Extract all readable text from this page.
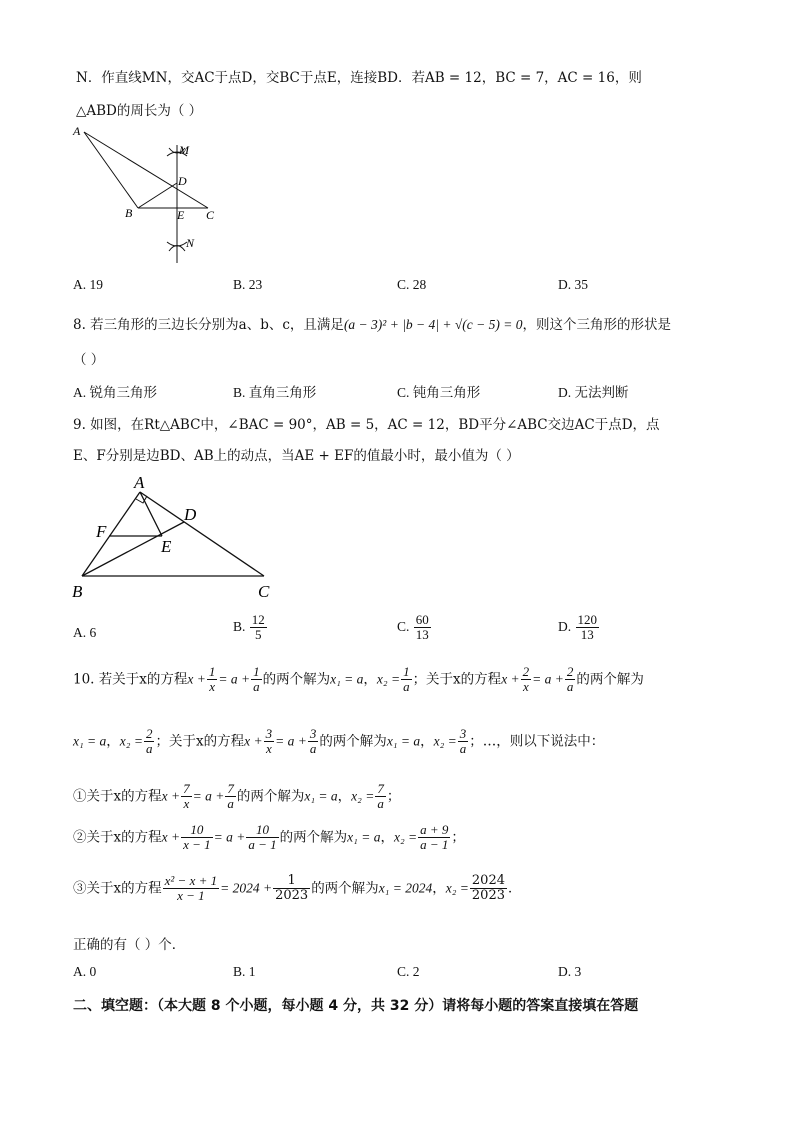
N．作直线MN，交AC于点D，交BC于点E，连接BD．若AB = 12，BC = 7，AC = 16，则
△ABD的周长为（ ）
A
B	C
D
E
M
N
A. 19	B. 23	C. 28	D. 35
8. 若三角形的三边长分别为a、b、c，且满足(a − 3)² + |b − 4| + √(c − 5) = 0，则这个三角形的形状是
（ ）
A. 锐角三角形	B. 直角三角形	C. 钝角三角形	D. 无法判断
9. 如图，在Rt△ABC中，∠BAC = 90°，AB = 5，AC = 12，BD平分∠ABC交边AC于点D，点
E、F分别是边BD、AB上的动点，当AE + EF的值最小时，最小值为（ ）
A
B	C
D
E
F
A. 6	B. $\frac{12}{5}$	C. $\frac{60}{13}$	D. $\frac{120}{13}$
10. 若关于x的方程$x + \frac{1}{x} = a + \frac{1}{a}$ 的两个解为x₁ = a，$x_2 = \frac{1}{a}$ ；关于x的方程$x + \frac{2}{x} = a + \frac{2}{a}$ 的两个解为
x₁ = a，$x_2 = \frac{2}{a}$ ；关于x的方程$x + \frac{3}{x} = a + \frac{3}{a}$ 的两个解为x₁ = a，$x_2 = \frac{3}{a}$ ；…，则以下说法中：
①关于x的方程$x + \frac{7}{x} = a + \frac{7}{a}$ 的两个解为x₁ = a，$x_2 = \frac{7}{a}$ ；
②关于x的方程$x + \frac{10}{x - 1} = a + \frac{10}{a - 1}$ 的两个解为x₁ = a，$x_2 = \frac{a + 9}{a - 1}$ ；
③关于x的方程 $\frac{\text{x² − x + 1}}{x - 1} = 2024 + \frac{1}{2023}$ 的两个解为x₁ = 2024，$x_2 = \frac{2024}{2023}$ ．
正确的有（ ）个．
A. 0	B. 1	C. 2	D. 3
二、填空题：（本大题 8 个小题，每小题 4 分，共 32 分）请将每小题的答案直接填在答题
